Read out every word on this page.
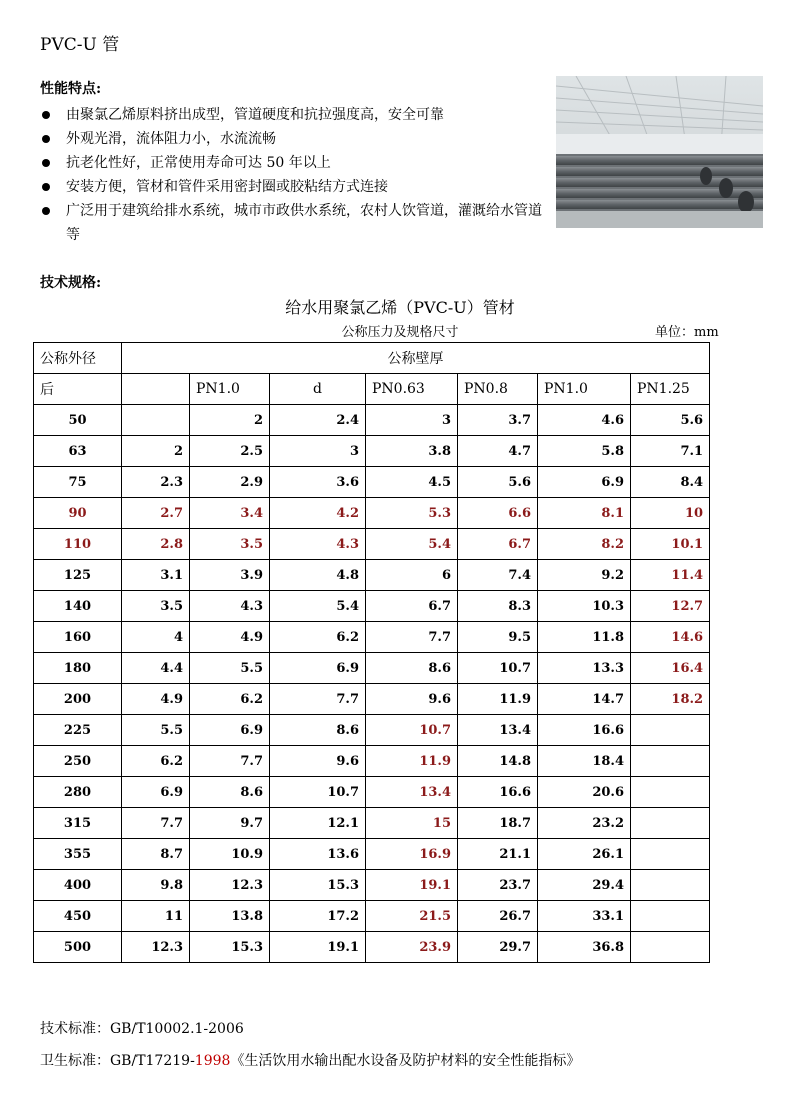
PVC-U 管
性能特点:
由聚氯乙烯原料挤出成型，管道硬度和抗拉强度高，安全可靠
外观光滑，流体阻力小，水流流畅
抗老化性好，正常使用寿命可达 50 年以上
安装方便，管材和管件采用密封圈或胶粘结方式连接
广泛用于建筑给排水系统，城市市政供水系统，农村人饮管道，灌溉给水管道等
技术规格:
给水用聚氯乙烯（PVC-U）管材
公称压力及规格尺寸	单位：mm
公称外径	公称壁厚						
后		PN1.0	d	PN0.63	PN0.8	PN1.0	PN1.25
50		2	2.4	3	3.7	4.6	5.6
63	2	2.5	3	3.8	4.7	5.8	7.1
75	2.3	2.9	3.6	4.5	5.6	6.9	8.4
90	2.7	3.4	4.2	5.3	6.6	8.1	10
110	2.8	3.5	4.3	5.4	6.7	8.2	10.1
125	3.1	3.9	4.8	6	7.4	9.2	11.4
140	3.5	4.3	5.4	6.7	8.3	10.3	12.7
160	4	4.9	6.2	7.7	9.5	11.8	14.6
180	4.4	5.5	6.9	8.6	10.7	13.3	16.4
200	4.9	6.2	7.7	9.6	11.9	14.7	18.2
225	5.5	6.9	8.6	10.7	13.4	16.6	
250	6.2	7.7	9.6	11.9	14.8	18.4	
280	6.9	8.6	10.7	13.4	16.6	20.6	
315	7.7	9.7	12.1	15	18.7	23.2	
355	8.7	10.9	13.6	16.9	21.1	26.1	
400	9.8	12.3	15.3	19.1	23.7	29.4	
450	11	13.8	17.2	21.5	26.7	33.1	
500	12.3	15.3	19.1	23.9	29.7	36.8	
技术标准：GB/T10002.1-2006
卫生标准：GB/T17219-1998《生活饮用水输出配水设备及防护材料的安全性能指标》
